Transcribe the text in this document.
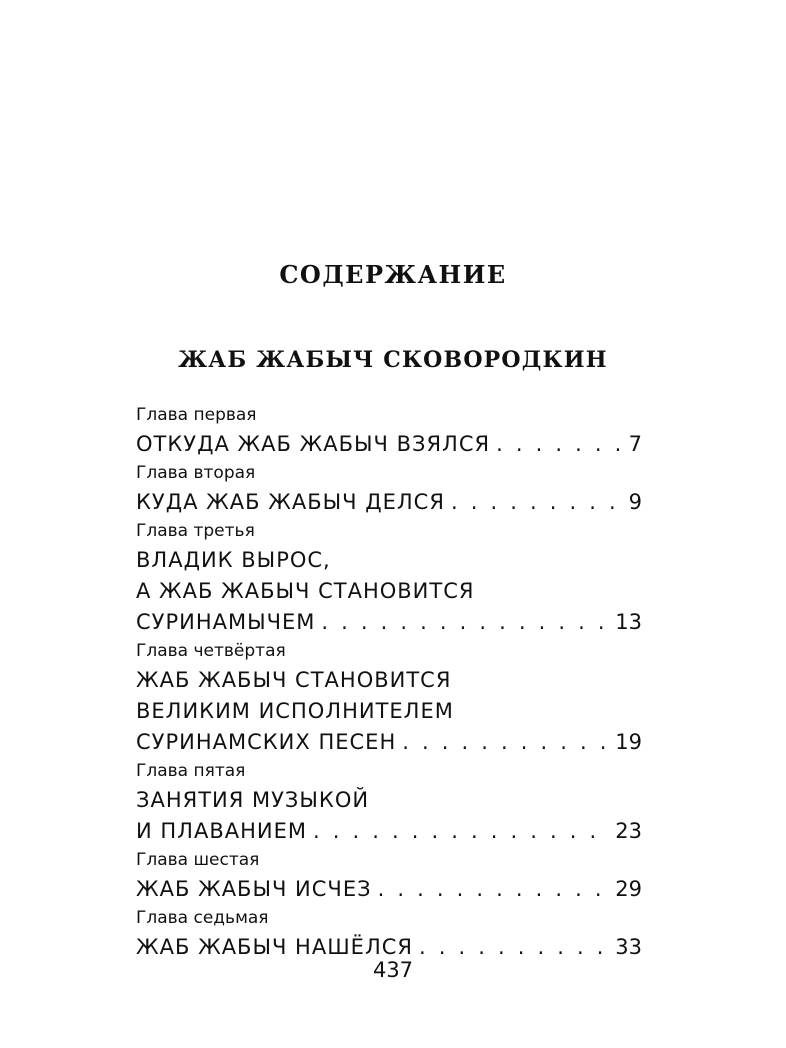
СОДЕРЖАНИЕ
ЖАБ ЖАБЫЧ СКОВОРОДКИН
Глава первая
ОТКУДА ЖАБ ЖАБЫЧ ВЗЯЛСЯ . . .	7
Глава вторая
КУДА ЖАБ ЖАБЫЧ ДЕЛСЯ . . .	9
Глава третья
ВЛАДИК ВЫРОС,
А ЖАБ ЖАБЫЧ СТАНОВИТСЯ
СУРИНАМЫЧЕМ . . .	13
Глава четвёртая
ЖАБ ЖАБЫЧ СТАНОВИТСЯ
ВЕЛИКИМ ИСПОЛНИТЕЛЕМ
СУРИНАМСКИХ ПЕСЕН . . .	19
Глава пятая
ЗАНЯТИЯ МУЗЫКОЙ
И ПЛАВАНИЕМ . . .	23
Глава шестая
ЖАБ ЖАБЫЧ ИСЧЕЗ . . .	29
Глава седьмая
ЖАБ ЖАБЫЧ НАШЁЛСЯ . . .	33
437
